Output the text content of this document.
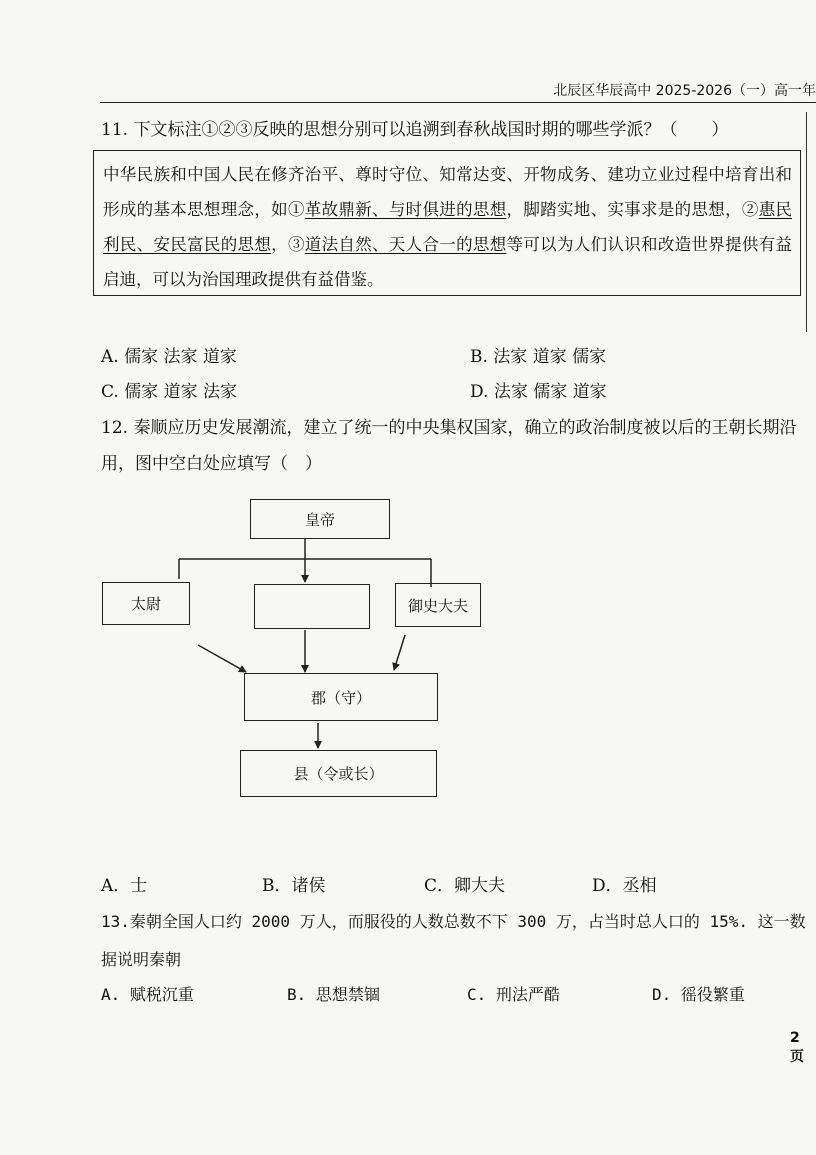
北辰区华辰高中 2025-2026（一）高一年
11. 下文标注①②③反映的思想分别可以追溯到春秋战国时期的哪些学派？（　　）
中华民族和中国人民在修齐治平、尊时守位、知常达变、开物成务、建功立业过程中培育出和形成的基本思想理念，如①革故鼎新、与时俱进的思想，脚踏实地、实事求是的思想，②惠民利民、安民富民的思想，③道法自然、天人合一的思想等可以为人们认识和改造世界提供有益启迪，可以为治国理政提供有益借鉴。
A. 儒家 法家 道家	B. 法家 道家 儒家
C. 儒家 道家 法家	D. 法家 儒家 道家
12. 秦顺应历史发展潮流，建立了统一的中央集权国家，确立的政治制度被以后的王朝长期沿用，图中空白处应填写（　）
皇帝
太尉	御史大夫
郡（守）
县（令或长）
A．士	B．诸侯	C．卿大夫	D．丞相
13.秦朝全国人口约 2000 万人，而服役的人数总数不下 300 万，占当时总人口的 15%. 这一数据说明秦朝
A. 赋税沉重	B. 思想禁锢	C. 刑法严酷	D. 徭役繁重
2 页
